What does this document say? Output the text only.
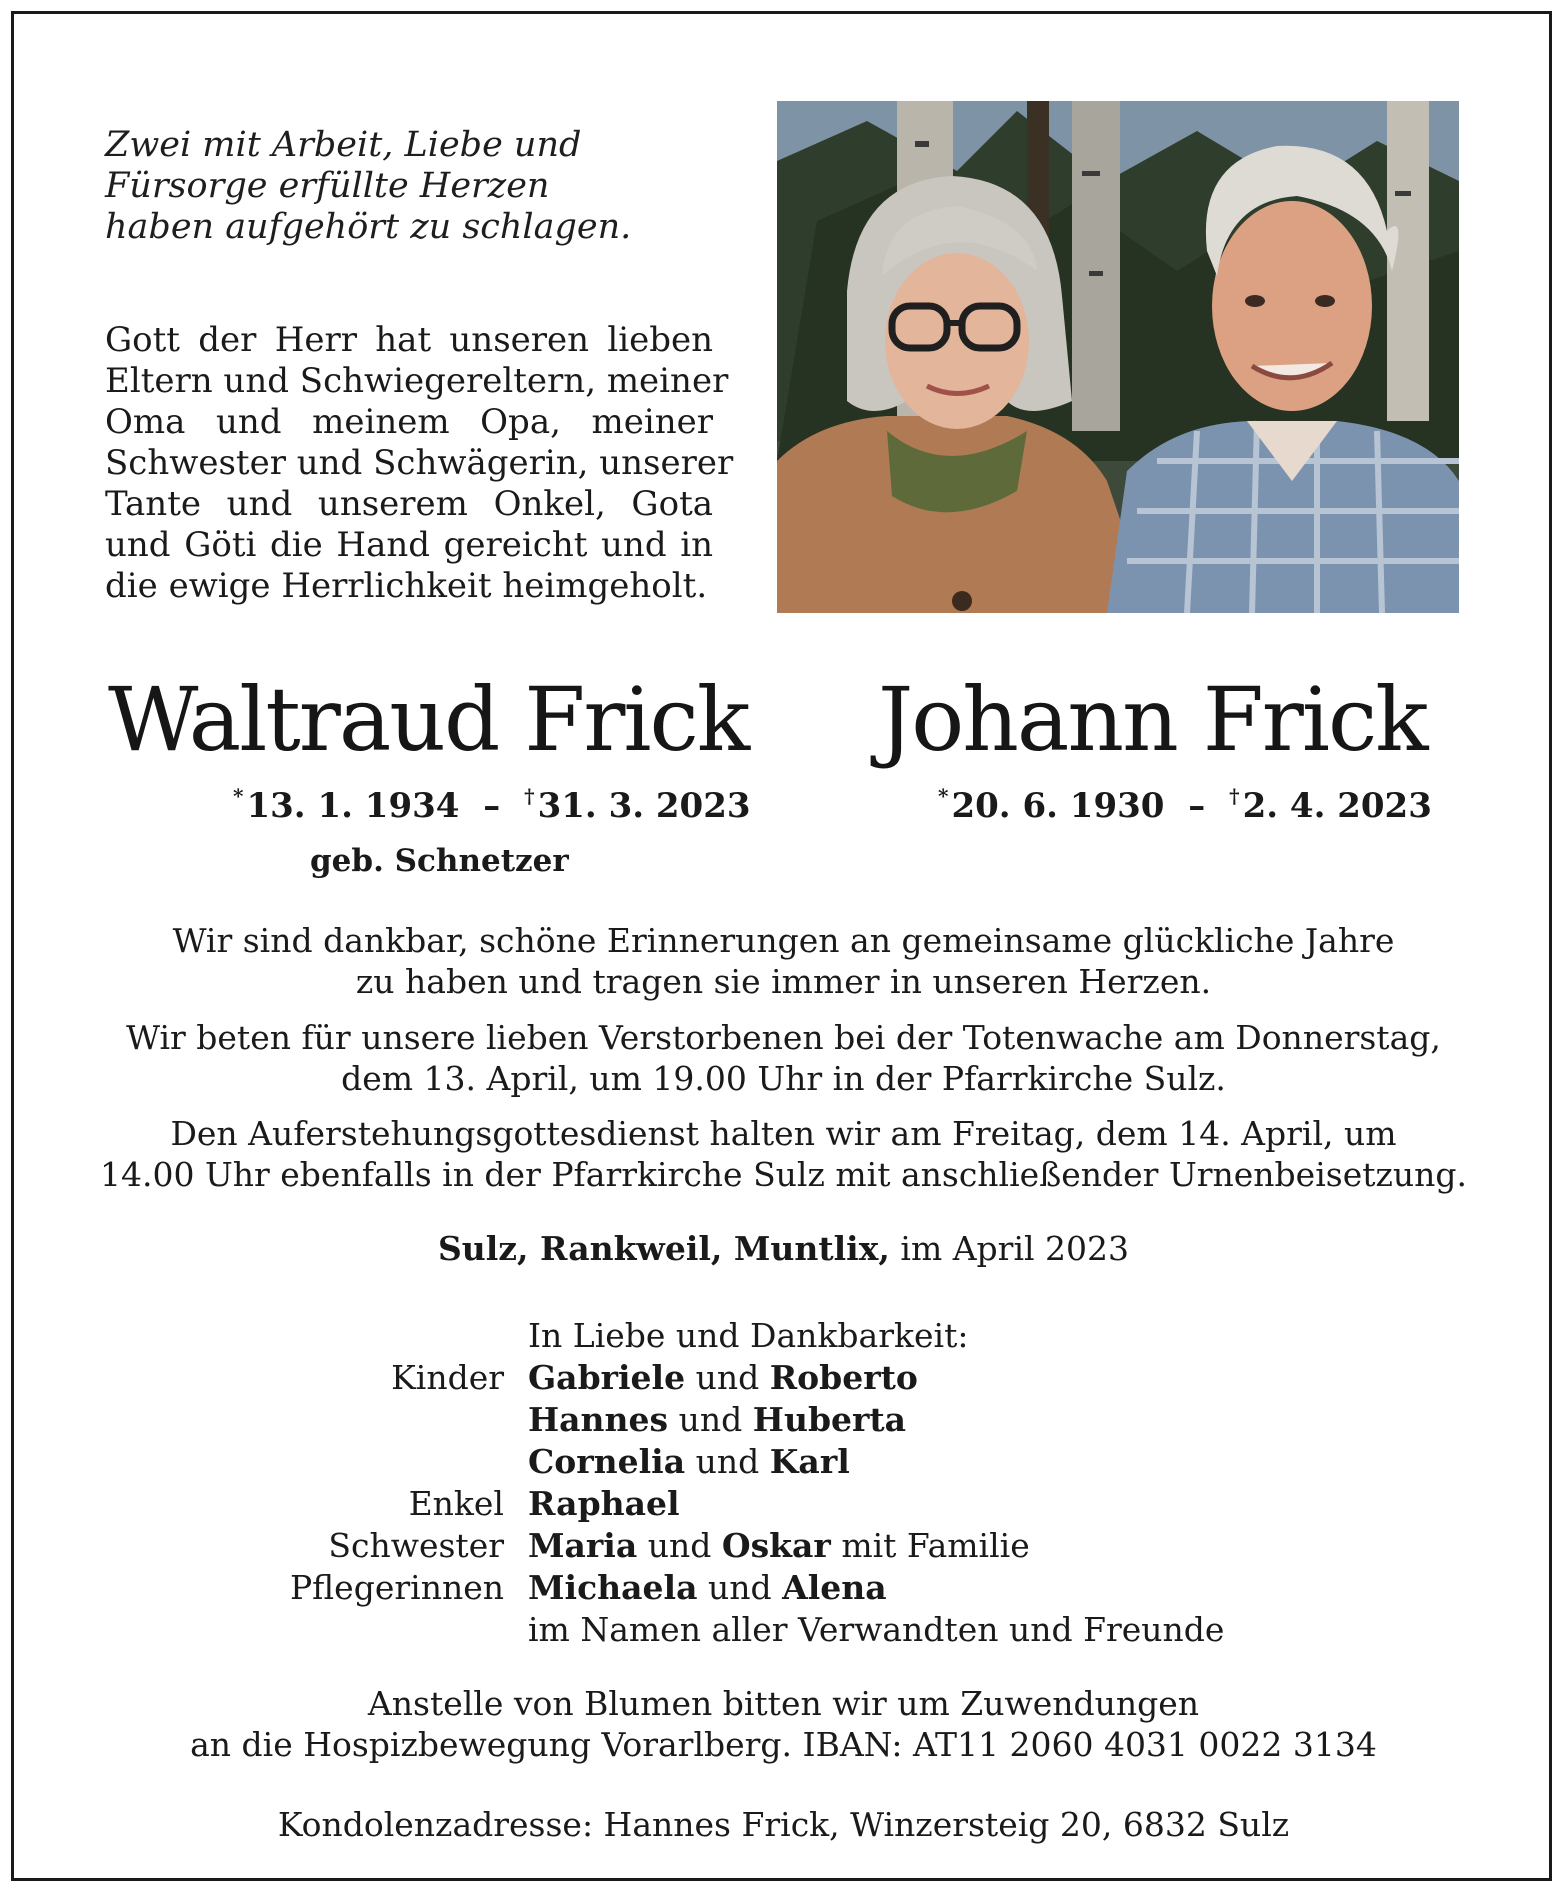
Zwei mit Arbeit, Liebe und
Fürsorge erfüllte Herzen
haben aufgehört zu schlagen.
Gott der Herr hat unseren lieben
Eltern und Schwiegereltern, meiner
Oma und meinem Opa, meiner
Schwester und Schwägerin, unserer
Tante und unserem Onkel, Gota
und Göti die Hand gereicht und in
die ewige Herrlichkeit heimgeholt.
Waltraud Frick Johann Frick
*13. 1. 1934 – †31. 3. 2023	*20. 6. 1930 – †2. 4. 2023
geb. Schnetzer
Wir sind dankbar, schöne Erinnerungen an gemeinsame glückliche Jahre
zu haben und tragen sie immer in unseren Herzen.
Wir beten für unsere lieben Verstorbenen bei der Totenwache am Donnerstag,
dem 13. April, um 19.00 Uhr in der Pfarrkirche Sulz.
Den Auferstehungsgottesdienst halten wir am Freitag, dem 14. April, um
14.00 Uhr ebenfalls in der Pfarrkirche Sulz mit anschließender Urnenbeisetzung.
Sulz, Rankweil, Muntlix, im April 2023
In Liebe und Dankbarkeit:
Kinder Gabriele und Roberto
Hannes und Huberta
Cornelia und Karl
Enkel Raphael
Schwester Maria und Oskar mit Familie
Pflegerinnen Michaela und Alena
im Namen aller Verwandten und Freunde
Anstelle von Blumen bitten wir um Zuwendungen
an die Hospizbewegung Vorarlberg. IBAN: AT11 2060 4031 0022 3134
Kondolenzadresse: Hannes Frick, Winzersteig 20, 6832 Sulz
